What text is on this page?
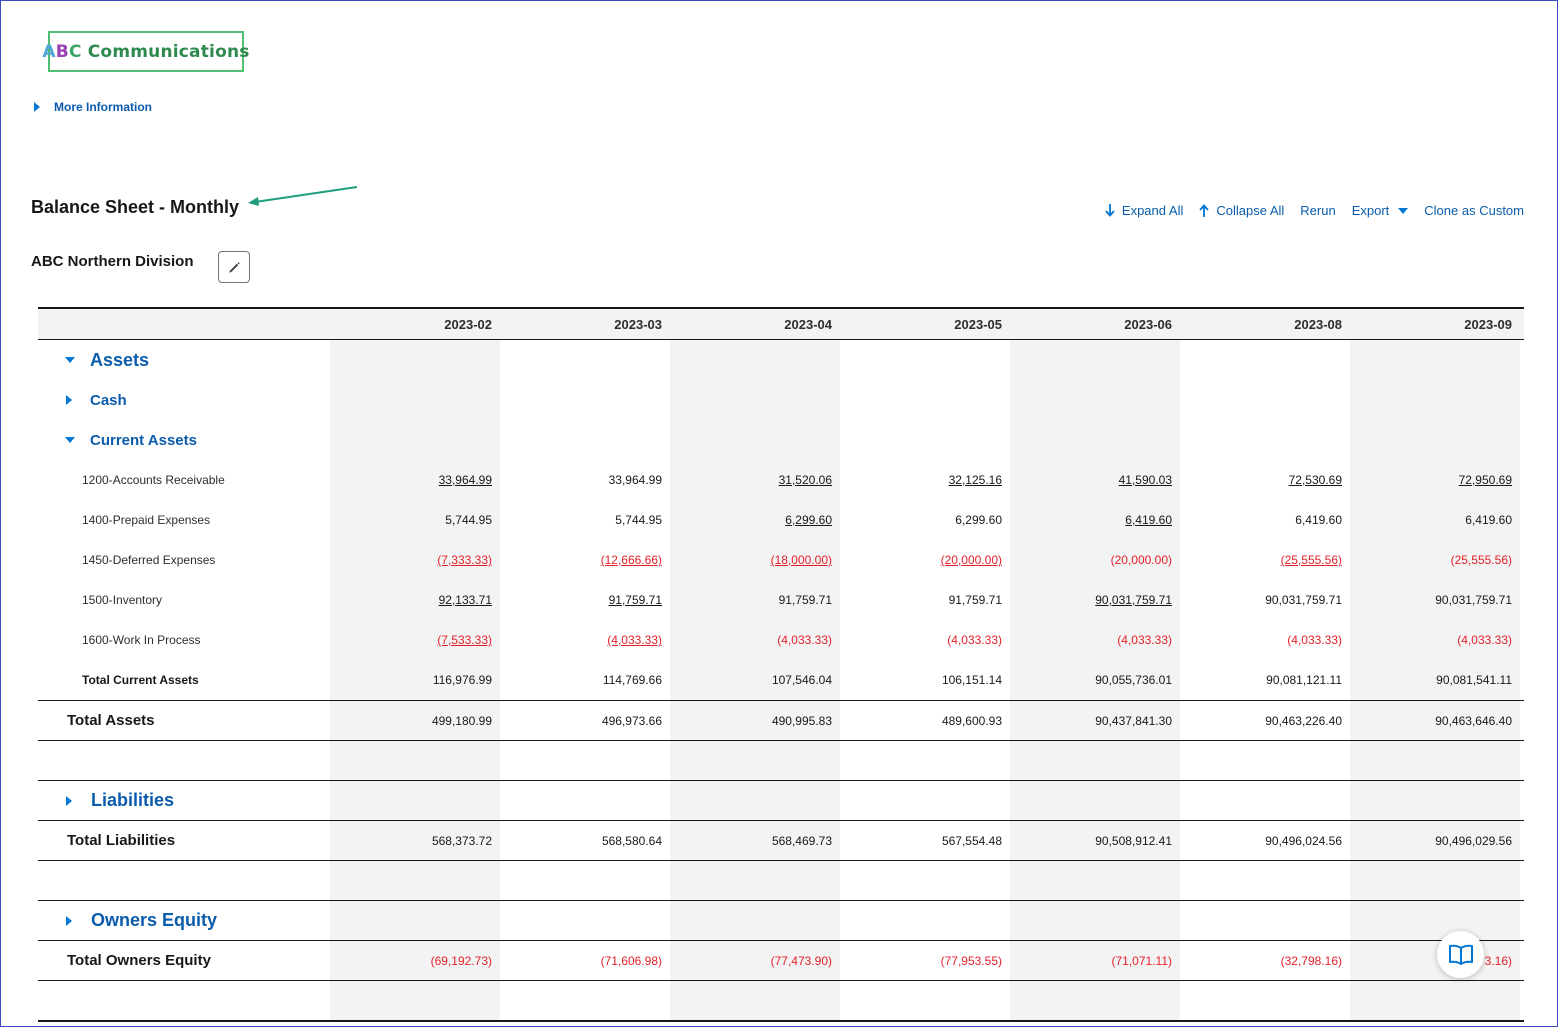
A B C Communications
More Information
Balance Sheet - Monthly
ABC Northern Division
Expand All	Collapse All Rerun Export	Clone as Custom
2023-02	2023-03	2023-04	2023-05	2023-06	2023-08	2023-09
Assets
Cash
Current Assets
1200-Accounts Receivable	33,964.99	33,964.99	31,520.06	32,125.16	41,590.03	72,530.69	72,950.69
1400-Prepaid Expenses	5,744.95	5,744.95	6,299.60	6,299.60	6,419.60	6,419.60	6,419.60
1450-Deferred Expenses	(7,333.33)	(12,666.66)	(18,000.00)	(20,000.00)	(20,000.00)	(25,555.56)	(25,555.56)
1500-Inventory	92,133.71	91,759.71	91,759.71	91,759.71	90,031,759.71	90,031,759.71	90,031,759.71
1600-Work In Process	(7,533.33)	(4,033.33)	(4,033.33)	(4,033.33)	(4,033.33)	(4,033.33)	(4,033.33)
Total Current Assets	116,976.99	114,769.66	107,546.04	106,151.14	90,055,736.01	90,081,121.11	90,081,541.11
Total Assets	499,180.99	496,973.66	490,995.83	489,600.93	90,437,841.30	90,463,226.40	90,463,646.40
Liabilities
Total Liabilities	568,373.72	568,580.64	568,469.73	567,554.48	90,508,912.41	90,496,024.56	90,496,029.56
Owners Equity
Total Owners Equity	(69,192.73)	(71,606.98)	(77,473.90)	(77,953.55)	(71,071.11)	(32,798.16)	3.16)
